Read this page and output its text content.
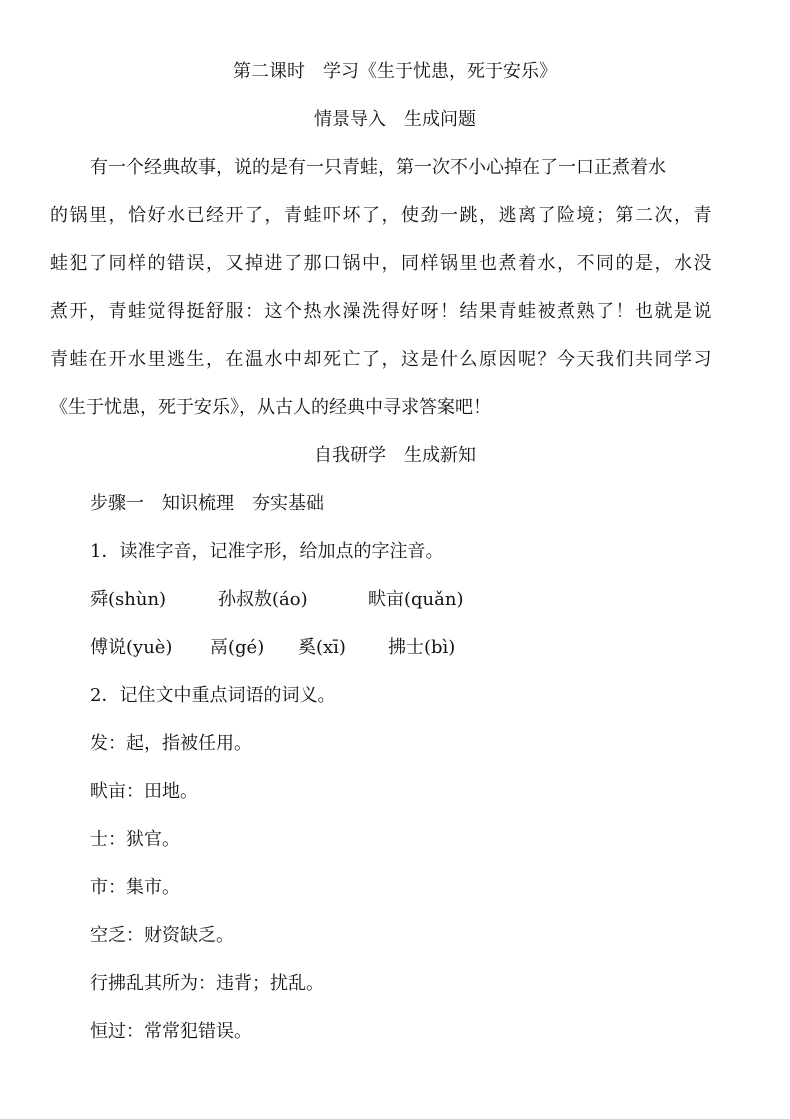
第二课时　学习《生于忧患，死于安乐》
情景导入　生成问题
有一个经典故事，说的是有一只青蛙，第一次不小心掉在了一口正煮着水
的锅里，恰好水已经开了，青蛙吓坏了，使劲一跳，逃离了险境；第二次，青
蛙犯了同样的错误，又掉进了那口锅中，同样锅里也煮着水，不同的是，水没
煮开，青蛙觉得挺舒服：这个热水澡洗得好呀！结果青蛙被煮熟了！也就是说
青蛙在开水里逃生，在温水中却死亡了，这是什么原因呢？今天我们共同学习
《生于忧患，死于安乐》，从古人的经典中寻求答案吧！
自我研学　生成新知
步骤一　知识梳理　夯实基础
1．读准字音，记准字形，给加点的字注音。
舜(shùn)	孙叔敖(áo)	畎亩(quǎn)
傅说(yuè) 鬲(gé) 奚(xī) 拂士(bì)
2．记住文中重点词语的词义。
发：起，指被任用。
畎亩：田地。
士：狱官。
市：集市。
空乏：财资缺乏。
行拂乱其所为：违背；扰乱。
恒过：常常犯错误。
